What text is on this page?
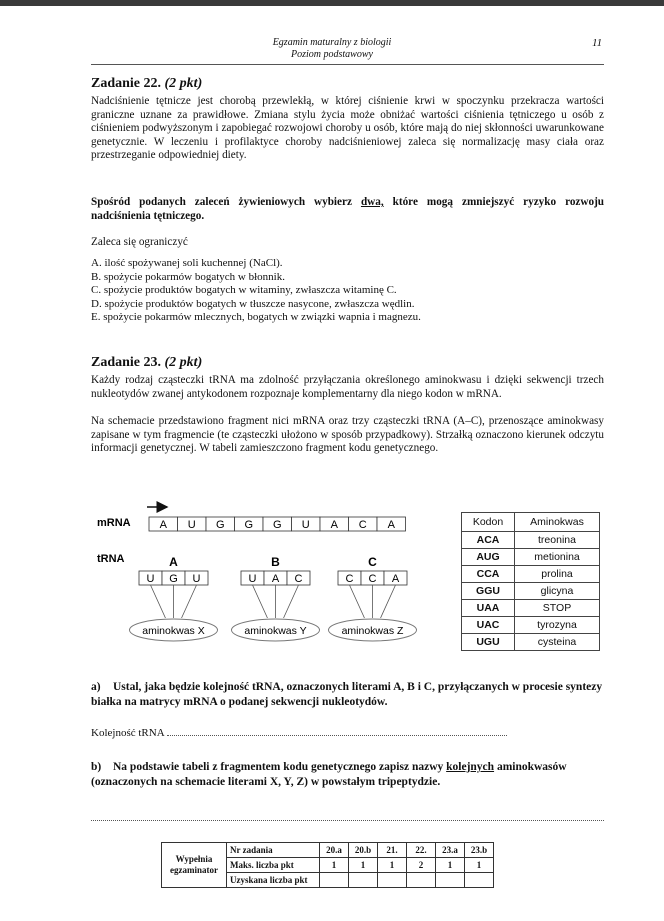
Egzamin maturalny z biologii
Poziom podstawowy
11
Zadanie 22. (2 pkt)
Nadciśnienie tętnicze jest chorobą przewlekłą, w której ciśnienie krwi w spoczynku przekracza wartości graniczne uznane za prawidłowe. Zmiana stylu życia może obniżać wartości ciśnienia tętniczego u osób z ciśnieniem podwyższonym i zapobiegać rozwojowi choroby u osób, które mają do niej skłonności uwarunkowane genetycznie. W leczeniu i profilaktyce choroby nadciśnieniowej zaleca się normalizację masy ciała oraz przestrzeganie odpowiedniej diety.
Spośród podanych zaleceń żywieniowych wybierz dwa, które mogą zmniejszyć ryzyko rozwoju nadciśnienia tętniczego.
Zaleca się ograniczyć
A. ilość spożywanej soli kuchennej (NaCl).
B. spożycie pokarmów bogatych w błonnik.
C. spożycie produktów bogatych w witaminy, zwłaszcza witaminę C.
D. spożycie produktów bogatych w tłuszcze nasycone, zwłaszcza wędlin.
E. spożycie pokarmów mlecznych, bogatych w związki wapnia i magnezu.
Zadanie 23. (2 pkt)
Każdy rodzaj cząsteczki tRNA ma zdolność przyłączania określonego aminokwasu i dzięki sekwencji trzech nukleotydów zwanej antykodonem rozpoznaje komplementarny dla niego kodon w mRNA.
Na schemacie przedstawiono fragment nici mRNA oraz trzy cząsteczki tRNA (A–C), przenoszące aminokwasy zapisane w tym fragmencie (te cząsteczki ułożono w sposób przypadkowy). Strzałką oznaczono kierunek odczytu informacji genetycznej. W tabeli zamieszczono fragment kodu genetycznego.
mRNA	A U G G G U A C A
tRNA	A
U G U
aminokwas X
B
U A C
aminokwas Y
C
C C A
aminokwas Z
Kodon	Aminokwas
ACA	treonina
AUG	metionina
CCA	prolina
GGU	glicyna
UAA	STOP
UAC	tyrozyna
UGU	cysteina
a) Ustal, jaka będzie kolejność tRNA, oznaczonych literami A, B i C, przyłączanych w procesie syntezy białka na matrycy mRNA o podanej sekwencji nukleotydów.
Kolejność tRNA
b) Na podstawie tabeli z fragmentem kodu genetycznego zapisz nazwy kolejnych aminokwasów (oznaczonych na schemacie literami X, Y, Z) w powstałym tripeptydzie.
Wypełnia egzaminator	Nr zadania	20.a	20.b	21.	22.	23.a	23.b
	Maks. liczba pkt	1	1	1	2	1	1
	Uzyskana liczba pkt						
